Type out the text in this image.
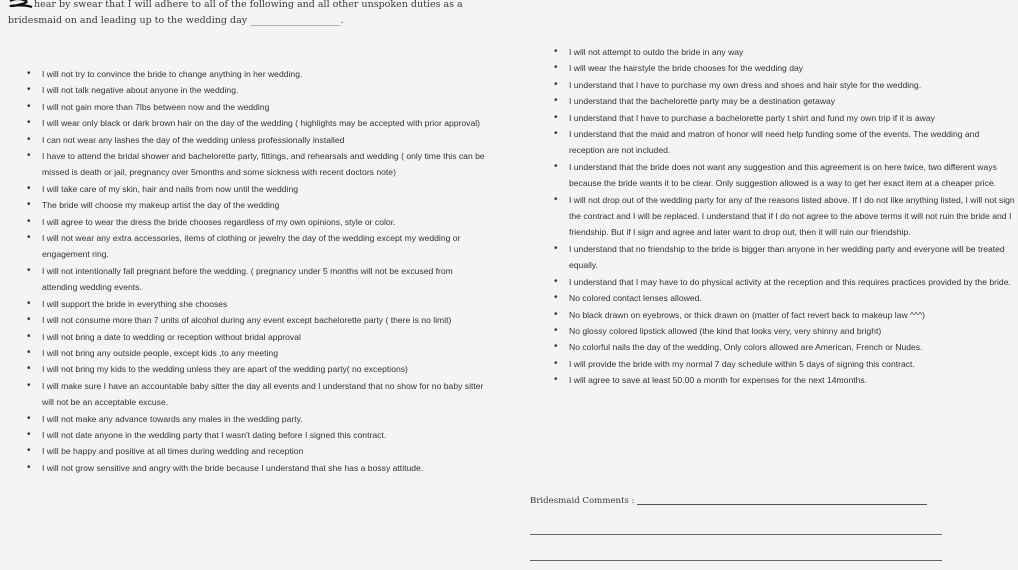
hear by swear that I will adhere to all of the following and all other unspoken duties as a
bridesmaid on and leading up to the wedding day ___________________.
• I will not try to convince the bride to change anything in her wedding.
• I will not talk negative about anyone in the wedding.
• I will not gain more than 7lbs between now and the wedding
• I will wear only black or dark brown hair on the day of the wedding ( highlights may be accepted with prior approval)
• I can not wear any lashes the day of the wedding unless professionally installed
• I have to attend the bridal shower and bachelorette party, fittings, and rehearsals and wedding ( only time this can be missed is death or jail, pregnancy over 5months and some sickness with recent doctors note)
• I will take care of my skin, hair and nails from now until the wedding
• The bride will choose my makeup artist the day of the wedding
• I will agree to wear the dress the bride chooses regardless of my own opinions, style or color.
• I will not wear any extra accessories, items of clothing or jewelry the day of the wedding except my wedding or engagement ring.
• I will not intentionally fall pregnant before the wedding. ( pregnancy under 5 months will not be excused from attending wedding events.
• I will support the bride in everything she chooses
• I will not consume more than 7 units of alcohol during any event except bachelorette party ( there is no limit)
• I will not bring a date to wedding or reception without bridal approval
• I will not bring any outside people, except kids ,to any meeting
• I will not bring my kids to the wedding unless they are apart of the wedding party( no exceptions)
• I will make sure I have an accountable baby sitter the day all events and I understand that no show for no baby sitter will not be an acceptable excuse.
• I will not make any advance towards any males in the wedding party.
• I will not date anyone in the wedding party that I wasn't dating before I signed this contract.
• I will be happy and positive at all times during wedding and reception
• I will not grow sensitive and angry with the bride because I understand that she has a bossy attitude.
• I will not attempt to outdo the bride in any way
• I will wear the hairstyle the bride chooses for the wedding day
• I understand that I have to purchase my own dress and shoes and hair style for the wedding.
• I understand that the bachelorette party may be a destination getaway
• I understand that I have to purchase a bachelorette party t shirt and fund my own trip if it is away
• I understand that the maid and matron of honor will need help funding some of the events. The wedding and reception are not included.
• I understand that the bride does not want any suggestion and this agreement is on here twice, two different ways because the bride wants it to be clear. Only suggestion allowed is a way to get her exact item at a cheaper price.
• I will not drop out of the wedding party for any of the reasons listed above. If I do not like anything listed, I will not sign the contract and I will be replaced. I understand that if I do not agree to the above terms it will not ruin the bride and I friendship. But if I sign and agree and later want to drop out, then it will ruin our friendship.
• I understand that no friendship to the bride is bigger than anyone in her wedding party and everyone will be treated equally.
• I understand that I may have to do physical activity at the reception and this requires practices provided by the bride.
• No colored contact lenses allowed.
• No black drawn on eyebrows, or thick drawn on (matter of fact revert back to makeup law ^^^)
• No glossy colored lipstick allowed (the kind that looks very, very shinny and bright)
• No colorful nails the day of the wedding, Only colors allowed are American, French or Nudes.
• I will provide the bride with my normal 7 day schedule within 5 days of signing this contract.
• I will agree to save at least 50.00 a month for expenses for the next 14months.
Bridesmaid Comments :
